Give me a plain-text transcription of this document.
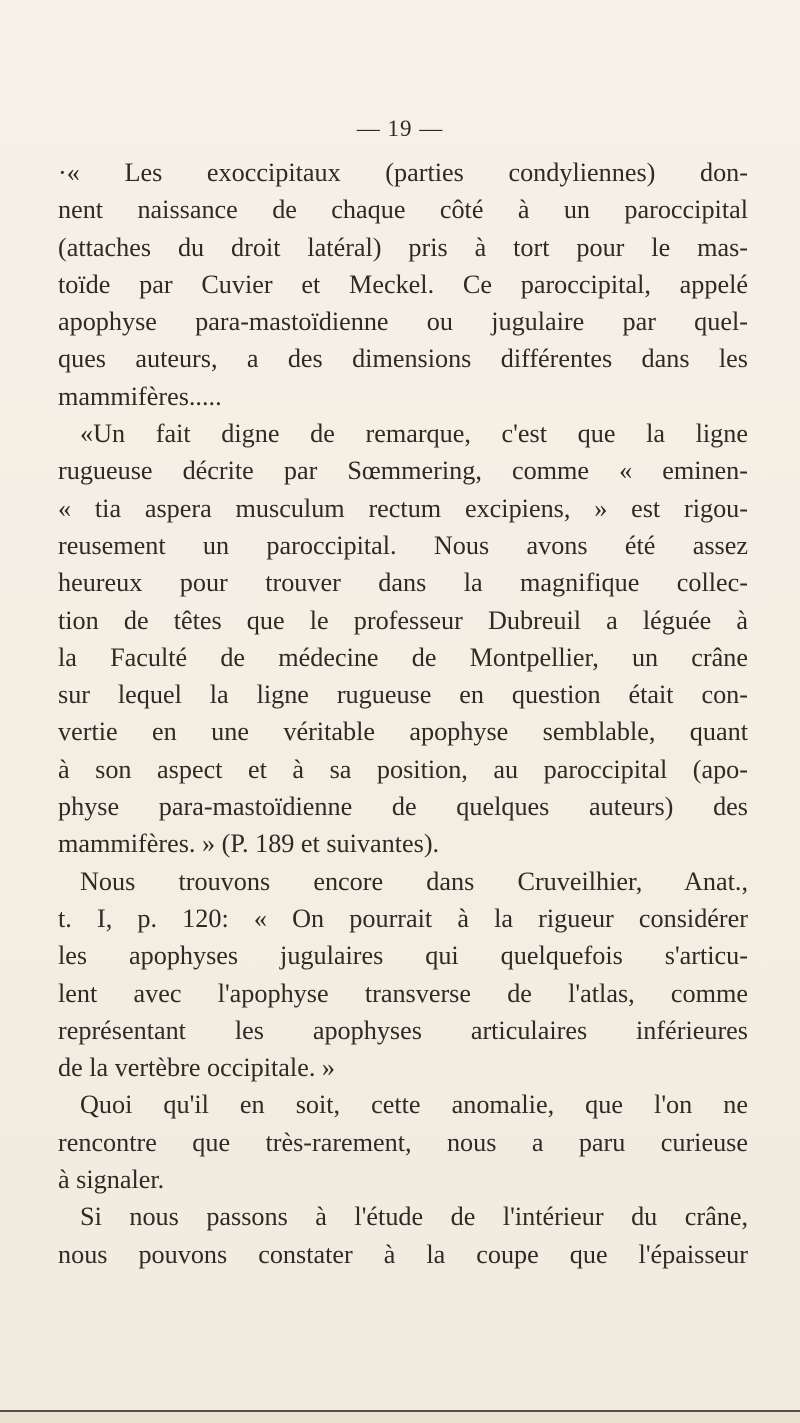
— 19 —
·« Les exoccipitaux (parties condyliennes) don-
nent naissance de chaque côté à un paroccipital
(attaches du droit latéral) pris à tort pour le mas-
toïde par Cuvier et Meckel. Ce paroccipital, appelé
apophyse para-mastoïdienne ou jugulaire par quel-
ques auteurs, a des dimensions différentes dans les
mammifères.....
«Un fait digne de remarque, c'est que la ligne
rugueuse décrite par Sœmmering, comme « eminen-
« tia aspera musculum rectum excipiens, » est rigou-
reusement un paroccipital. Nous avons été assez
heureux pour trouver dans la magnifique collec-
tion de têtes que le professeur Dubreuil a léguée à
la Faculté de médecine de Montpellier, un crâne
sur lequel la ligne rugueuse en question était con-
vertie en une véritable apophyse semblable, quant
à son aspect et à sa position, au paroccipital (apo-
physe para-mastoïdienne de quelques auteurs) des
mammifères. » (P. 189 et suivantes).
Nous trouvons encore dans Cruveilhier, Anat.,
t. I, p. 120: « On pourrait à la rigueur considérer
les apophyses jugulaires qui quelquefois s'articu-
lent avec l'apophyse transverse de l'atlas, comme
représentant les apophyses articulaires inférieures
de la vertèbre occipitale. »
Quoi qu'il en soit, cette anomalie, que l'on ne
rencontre que très-rarement, nous a paru curieuse
à signaler.
Si nous passons à l'étude de l'intérieur du crâne,
nous pouvons constater à la coupe que l'épaisseur
